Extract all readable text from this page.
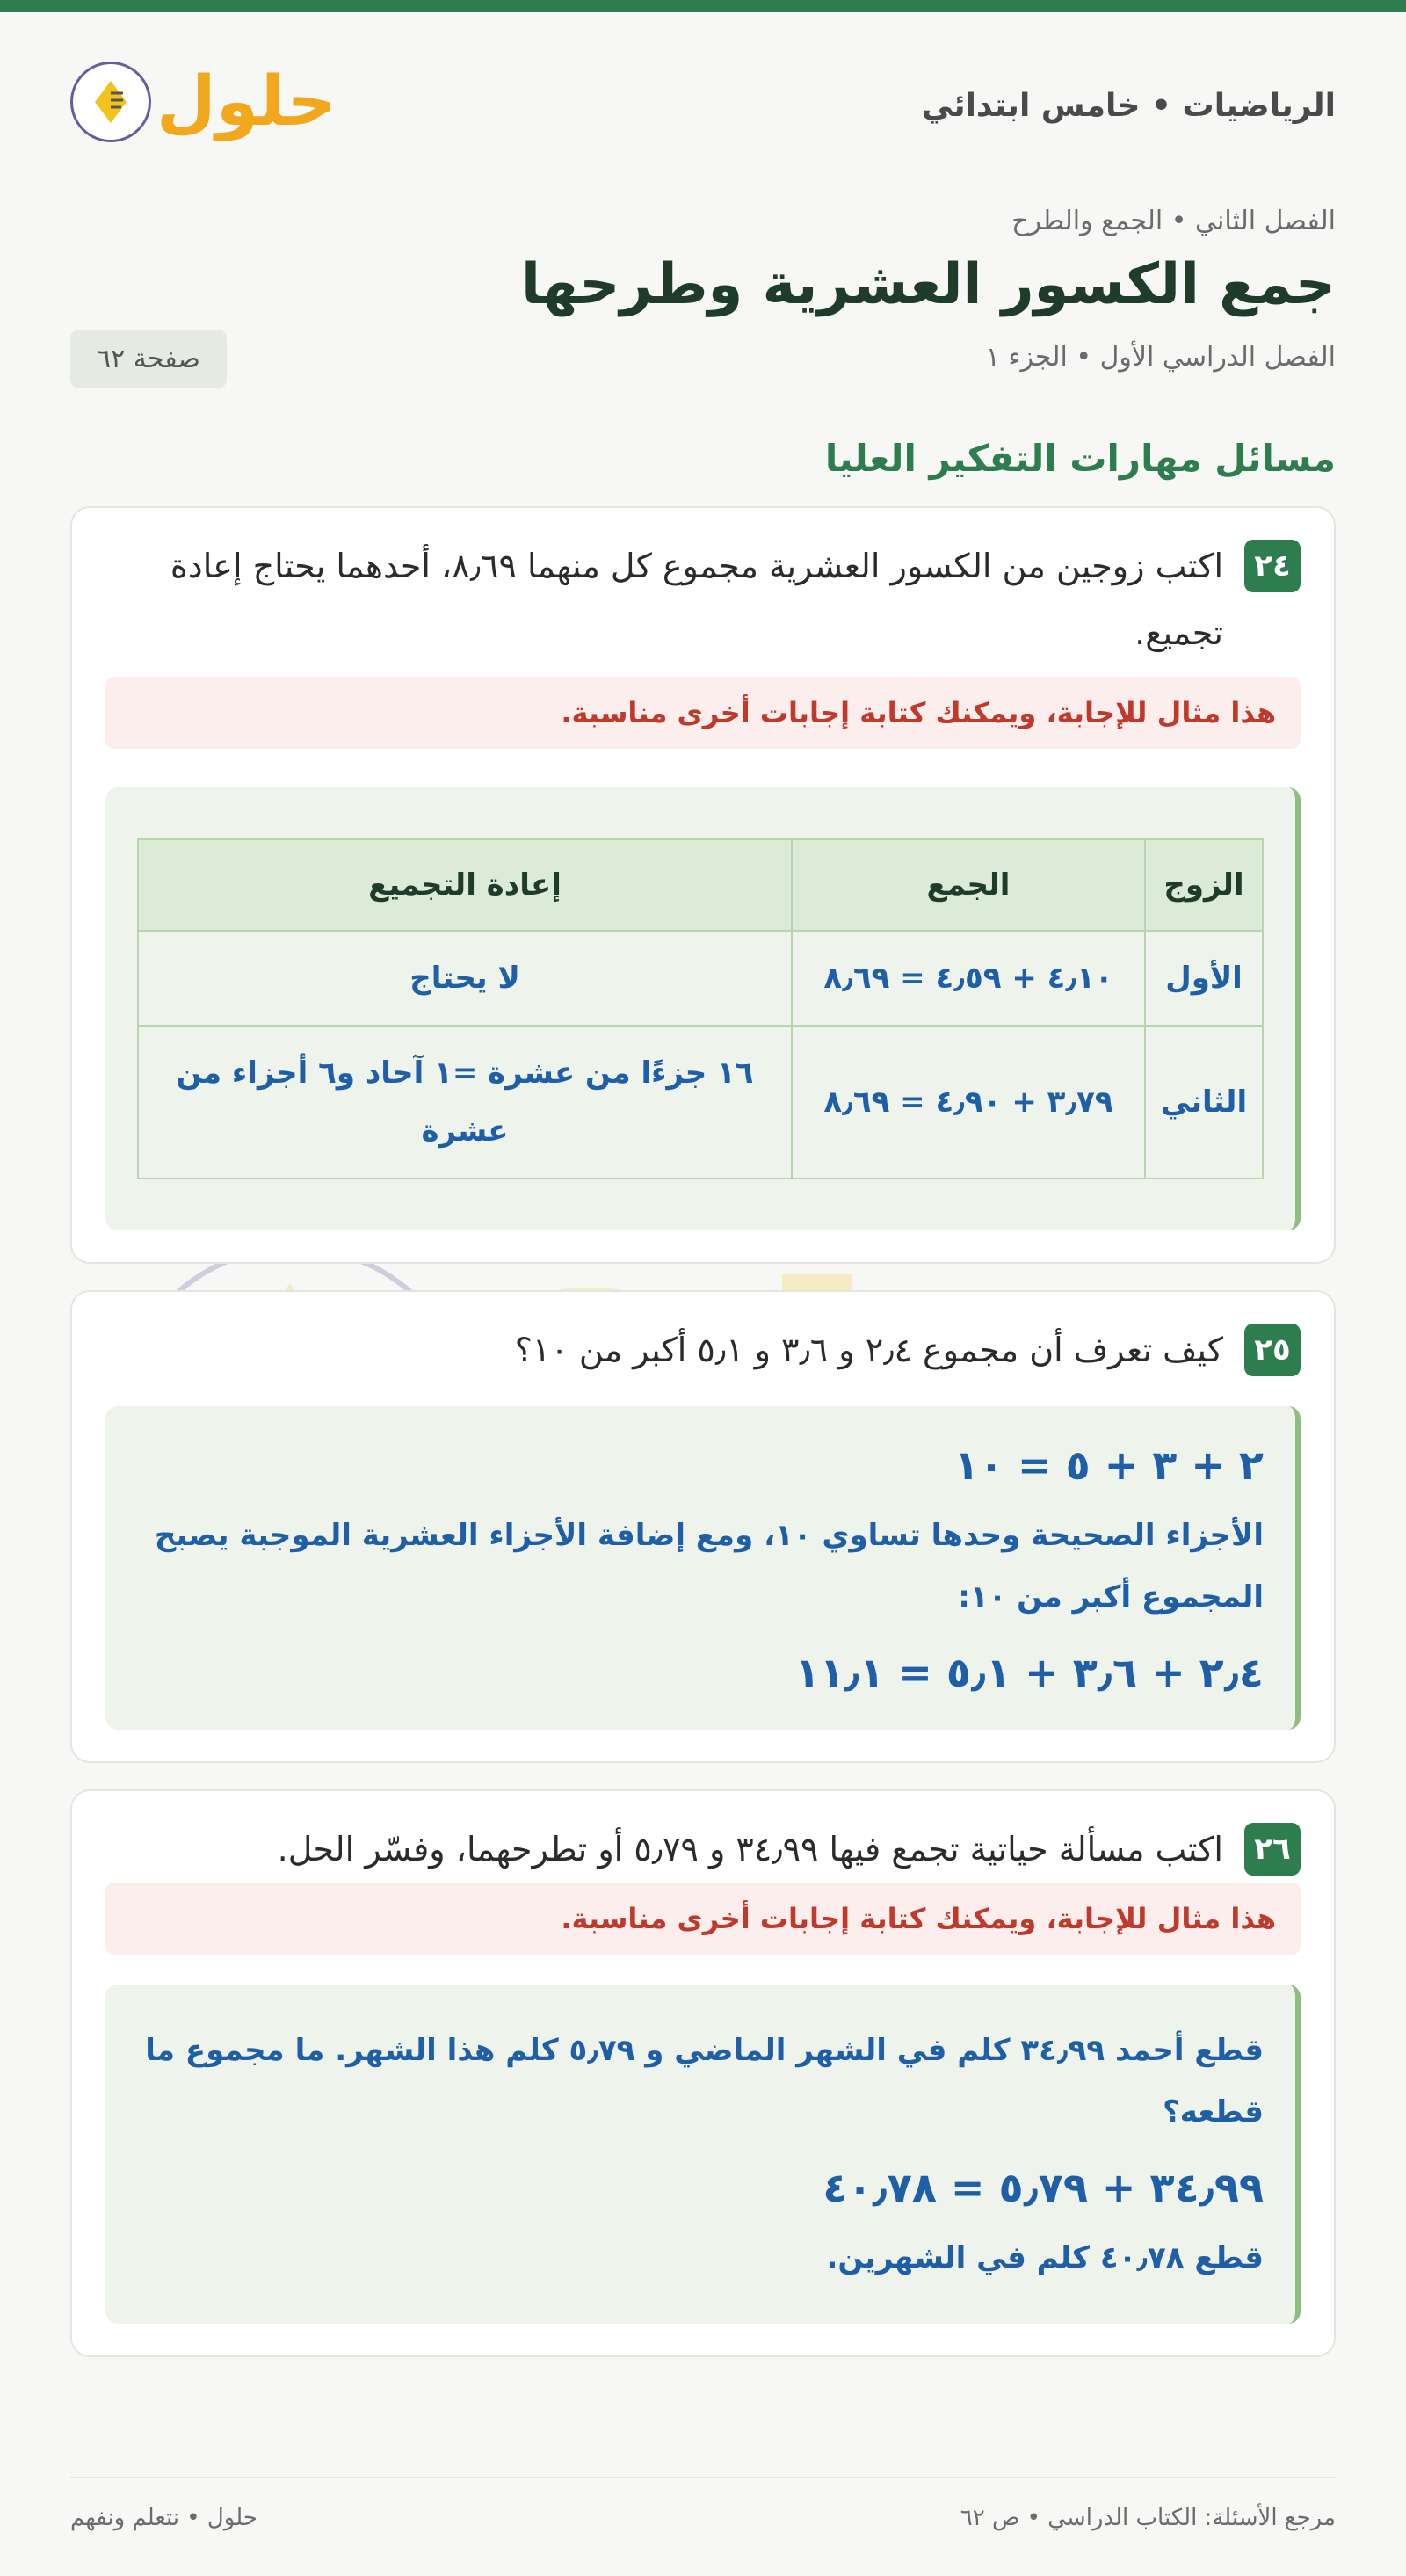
الرياضيات • خامس ابتدائي
حلول
الفصل الثاني • الجمع والطرح
جمع الكسور العشرية وطرحها
الفصل الدراسي الأول • الجزء ١
صفحة ٦٢
مسائل مهارات التفكير العليا
٢٤

اكتب زوجين من الكسور العشرية مجموع كل منهما ٨٫٦٩، أحدهما يحتاج إعادة تجميع.

هذا مثال للإجابة، ويمكنك كتابة إجابات أخرى مناسبة.
الزوج	الجمع	إعادة التجميع
الأول	٤٫١٠ + ٤٫٥٩ = ٨٫٦٩	لا يحتاج
الثاني	٣٫٧٩ + ٤٫٩٠ = ٨٫٦٩	١٦ جزءًا من عشرة =١ آحاد و٦ أجزاء من عشرة
٢٥

كيف تعرف أن مجموع ٢٫٤ و ٣٫٦ و ٥٫١ أكبر من ١٠؟

٢ + ٣ + ٥ = ١٠
الأجزاء الصحيحة وحدها تساوي ١٠، ومع إضافة الأجزاء العشرية الموجبة يصبح المجموع أكبر من ١٠:
٢٫٤ + ٣٫٦ + ٥٫١ = ١١٫١
٢٦

اكتب مسألة حياتية تجمع فيها ٣٤٫٩٩ و ٥٫٧٩ أو تطرحهما، وفسّر الحل.

هذا مثال للإجابة، ويمكنك كتابة إجابات أخرى مناسبة.
قطع أحمد ٣٤٫٩٩ كلم في الشهر الماضي و ٥٫٧٩ كلم هذا الشهر. ما مجموع ما قطعه؟
٣٤٫٩٩ + ٥٫٧٩ = ٤٠٫٧٨
قطع ٤٠٫٧٨ كلم في الشهرين.
مرجع الأسئلة: الكتاب الدراسي • ص ٦٢
حلول • نتعلم ونفهم
